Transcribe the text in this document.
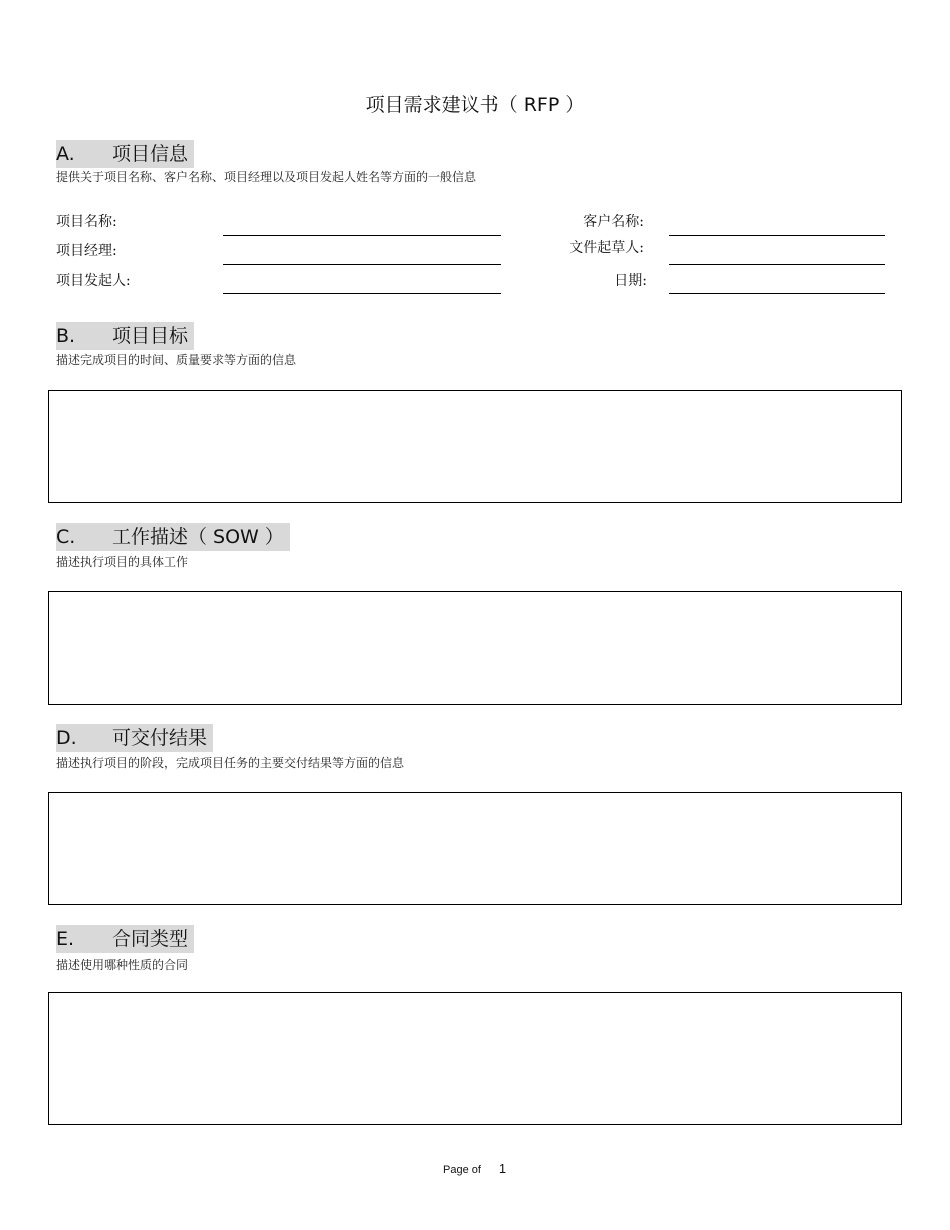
项目需求建议书（ RFP ）
A. 项目信息
提供关于项目名称、客户名称、项目经理以及项目发起人姓名等方面的一般信息
项目名称:
项目经理:
项目发起人:
客户名称:
文件起草人:
日期:
B. 项目目标
描述完成项目的时间、质量要求等方面的信息
C. 工作描述（ SOW ）
描述执行项目的具体工作
D. 可交付结果
描述执行项目的阶段，完成项目任务的主要交付结果等方面的信息
E. 合同类型
描述使用哪种性质的合同
Page of 1
